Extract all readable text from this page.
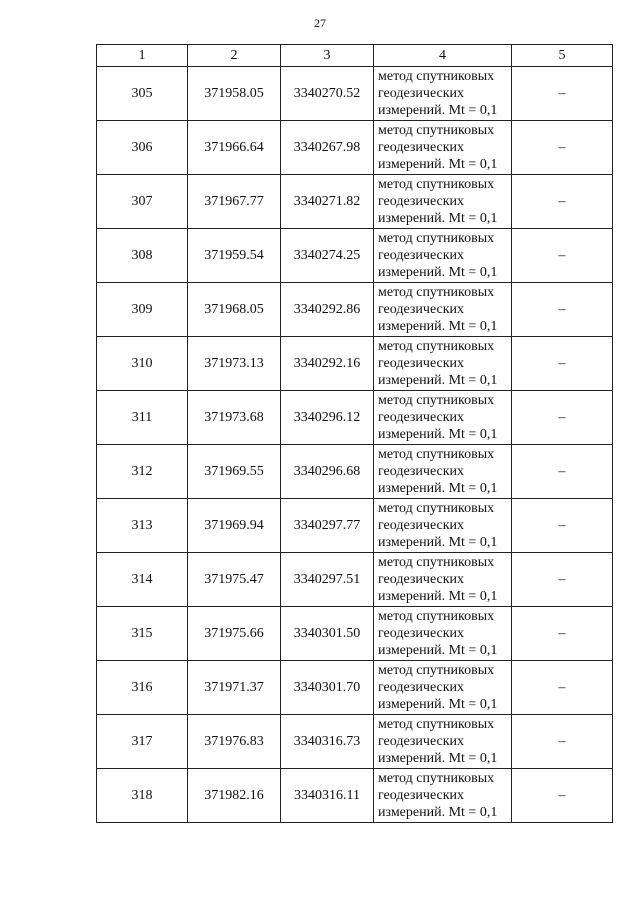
27
1	2	3	4	5
305	371958.05	3340270.52	метод спутниковых
геодезических
измерений. Mt = 0,1	–
306	371966.64	3340267.98	метод спутниковых
геодезических
измерений. Mt = 0,1	–
307	371967.77	3340271.82	метод спутниковых
геодезических
измерений. Mt = 0,1	–
308	371959.54	3340274.25	метод спутниковых
геодезических
измерений. Mt = 0,1	–
309	371968.05	3340292.86	метод спутниковых
геодезических
измерений. Mt = 0,1	–
310	371973.13	3340292.16	метод спутниковых
геодезических
измерений. Mt = 0,1	–
311	371973.68	3340296.12	метод спутниковых
геодезических
измерений. Mt = 0,1	–
312	371969.55	3340296.68	метод спутниковых
геодезических
измерений. Mt = 0,1	–
313	371969.94	3340297.77	метод спутниковых
геодезических
измерений. Mt = 0,1	–
314	371975.47	3340297.51	метод спутниковых
геодезических
измерений. Mt = 0,1	–
315	371975.66	3340301.50	метод спутниковых
геодезических
измерений. Mt = 0,1	–
316	371971.37	3340301.70	метод спутниковых
геодезических
измерений. Mt = 0,1	–
317	371976.83	3340316.73	метод спутниковых
геодезических
измерений. Mt = 0,1	–
318	371982.16	3340316.11	метод спутниковых
геодезических
измерений. Mt = 0,1	–
